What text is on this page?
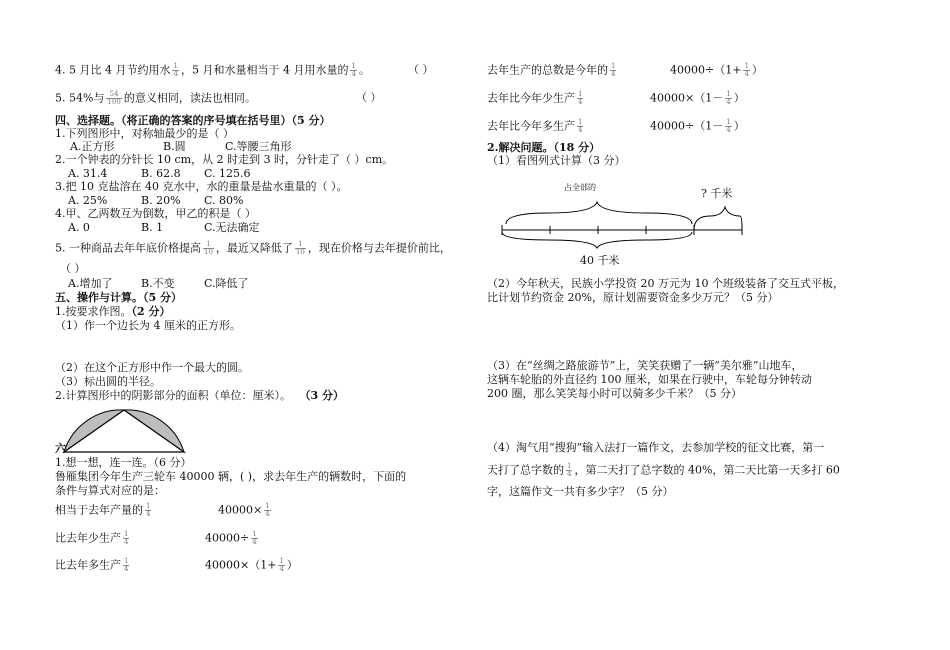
4. 5 月比 4 月节约用水 $\frac{1}{4}$ ，5 月和水量相当于 4 月用水量的 $\frac{1}{4}$ 。	（ ）
5. 54%与 $\frac{54}{100}$ 的意义相同，读法也相同。	（ ）
四、选择题。（将正确的答案的序号填在括号里）（5 分）
1.下列图形中，对称轴最少的是（ ）
A.正方形	B.圆	C.等腰三角形
2.一个钟表的分针长 10 cm，从 2 时走到 3 时，分针走了（ ）cm。
A. 31.4	B. 62.8 C. 125.6
3.把 10 克盐溶在 40 克水中，水的重量是盐水重量的（ ）。
A. 25%	B. 20% C. 80%
4.甲、乙两数互为倒数，甲乙的积是（ ）
A. 0	B. 1	C.无法确定
5. 一种商品去年年底价格提高 $\frac{1}{10}$ ，最近又降低了 $\frac{1}{10}$ ，现在价格与去年提价前比，
（ ）
A.增加了	B.不变	C.降低了
五、操作与计算。（5 分）
1.按要求作图。（2 分）
（1）作一个边长为 4 厘米的正方形。
（2）在这个正方形中作一个最大的圆。
（3）标出圆的半径。
2.计算图形中的阴影部分的面积（单位：厘米）。 （3 分）
六
1.想一想，连一连。（6 分）
鲁雁集团今年生产三轮车 40000 辆，( )，求去年生产的辆数时，下面的
条件与算式对应的是：
相当于去年产量的 $\frac{1}{4}$	$40000\times \frac{1}{4}$
比去年少生产 $\frac{1}{4}$	$40000\div \frac{1}{4}$
比去年多生产 $\frac{1}{4}$	$40000\times(1+ \frac{1}{4}$ ）
去年生产的总数是今年的 $\frac{1}{4}$	$40000\div(1+ \frac{1}{4}$ ）
去年比今年少生产 $\frac{1}{4}$	$40000\times(1- \frac{1}{4}$ ）
去年比今年多生产 $\frac{1}{4}$	$40000\div(1- \frac{1}{4}$ ）
2.解决问题。（18 分）
（1）看图列式计算（3 分）
占全部的	? 千米
40 千米
（2）今年秋天，民族小学投资 20 万元为 10 个班级装备了交互式平板，
比计划节约资金 20%，原计划需要资金多少万元？（5 分）
（3）在“丝绸之路旅游节”上，笑笑获赠了一辆“美尔雅”山地车，
这辆车轮胎的外直径约 100 厘米，如果在行驶中，车轮每分钟转动
200 圈，那么笑笑每小时可以骑多少千米？（5 分）
（4）淘气用“搜狗”输入法打一篇作文，去参加学校的征文比赛，第一
天打了总字数的 $\frac{1}{4}$ ，第二天打了总字数的 40%，第二天比第一天多打 60
字，这篇作文一共有多少字？（5 分）
